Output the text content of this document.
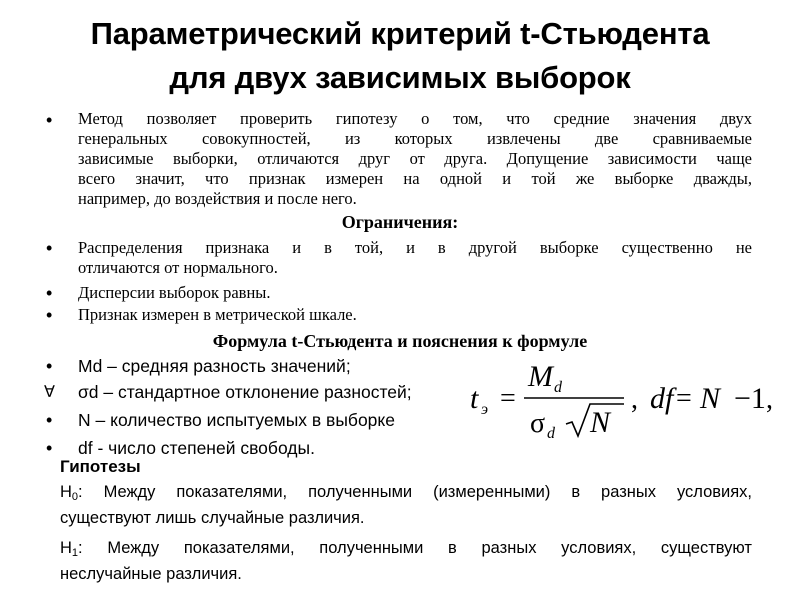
Параметрический критерий t-Стьюдента
для двух зависимых выборок
• Метод позволяет проверить гипотезу о том, что средние значения двух
генеральных совокупностей, из которых извлечены две сравниваемые
зависимые выборки, отличаются друг от друга. Допущение зависимости чаще
всего значит, что признак измерен на одной и той же выборке дважды,
например, до воздействия и после него.
Ограничения:
• Распределения признака и в той, и в другой выборке существенно не
отличаются от нормального.
• Дисперсии выборок равны.
• Признак измерен в метрической шкале.
Формула t-Стьюдента и пояснения к формуле
• Md – средняя разность значений;
∀ σd – стандартное отклонение разностей;
• N – количество испытуемых в выборке
• df - число степеней свободы.
t э
M d
σ d N
df N
=	, = −1 ,
Гипотезы
$H_0$: Между показателями, полученными (измеренными) в разных условиях,
существуют лишь случайные различия.
$H_1$: Между показателями, полученными в разных условиях, существуют
неслучайные различия.
